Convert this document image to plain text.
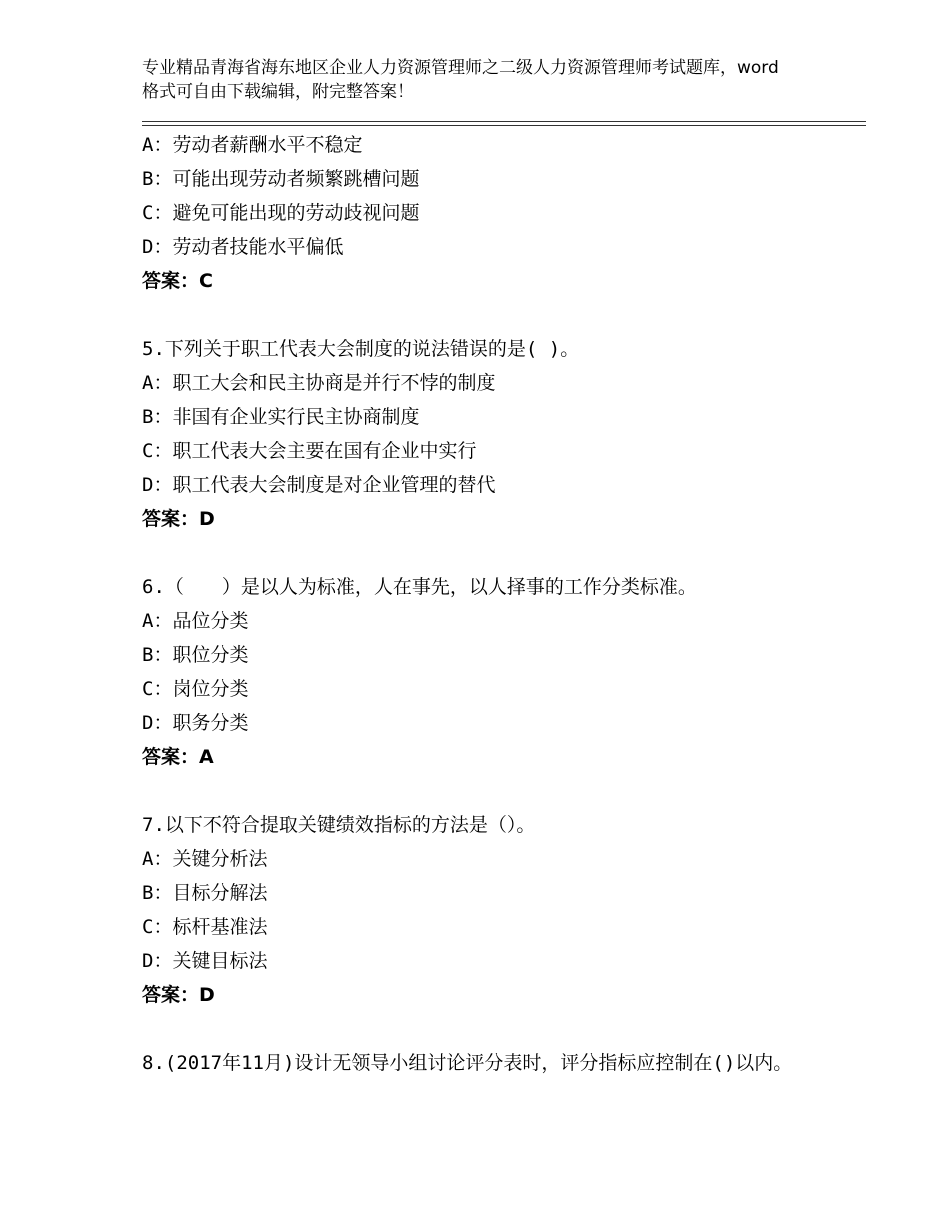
专业精品青海省海东地区企业人力资源管理师之二级人力资源管理师考试题库，word格式可自由下载编辑，附完整答案！
A：劳动者薪酬水平不稳定
B：可能出现劳动者频繁跳槽问题
C：避免可能出现的劳动歧视问题
D：劳动者技能水平偏低
答案：C
5.下列关于职工代表大会制度的说法错误的是( )。
A：职工大会和民主协商是并行不悖的制度
B：非国有企业实行民主协商制度
C：职工代表大会主要在国有企业中实行
D：职工代表大会制度是对企业管理的替代
答案：D
6.（　　）是以人为标准，人在事先，以人择事的工作分类标准。
A：品位分类
B：职位分类
C：岗位分类
D：职务分类
答案：A
7.以下不符合提取关键绩效指标的方法是（）。
A：关键分析法
B：目标分解法
C：标杆基准法
D：关键目标法
答案：D
8.(2017年11月)设计无领导小组讨论评分表时，评分指标应控制在()以内。
